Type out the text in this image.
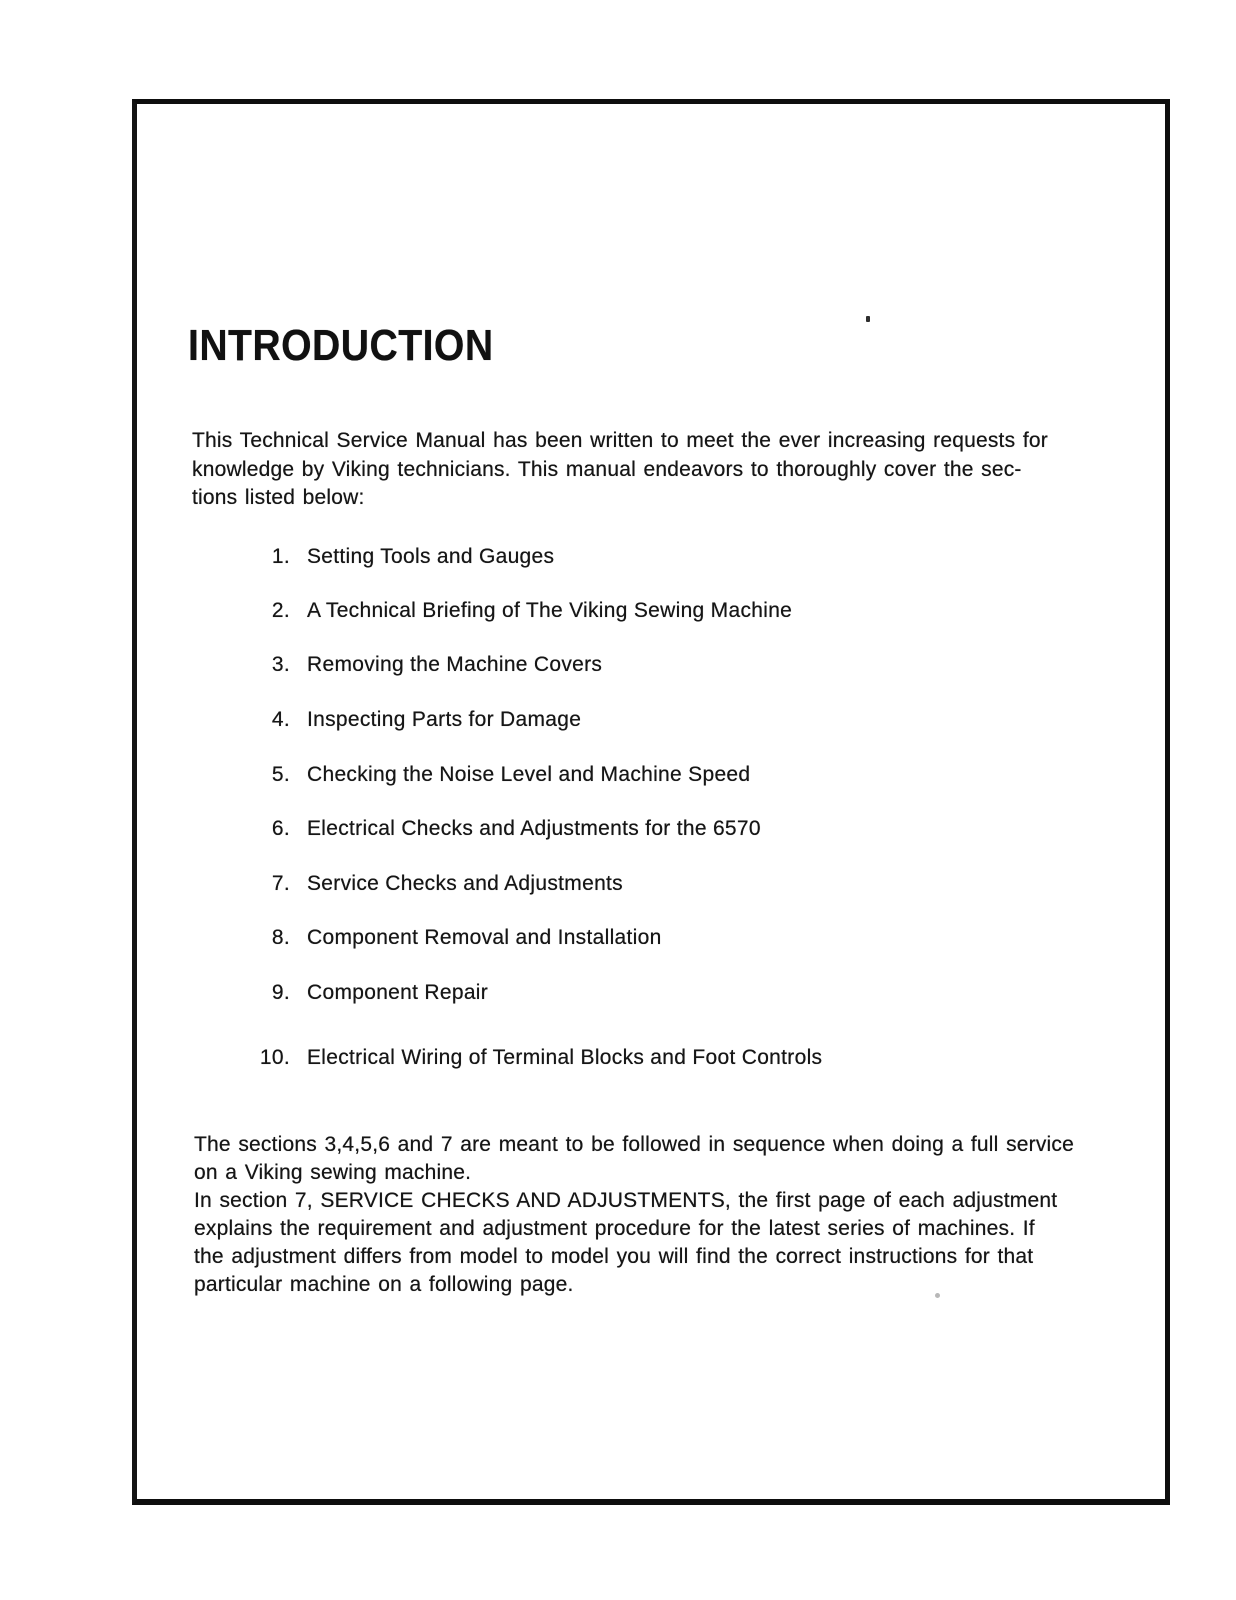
INTRODUCTION
This Technical Service Manual has been written to meet the ever increasing requests for
knowledge by Viking technicians. This manual endeavors to thoroughly cover the sec-
tions listed below:
1. Setting Tools and Gauges
2. A Technical Briefing of The Viking Sewing Machine
3. Removing the Machine Covers
4. Inspecting Parts for Damage
5. Checking the Noise Level and Machine Speed
6. Electrical Checks and Adjustments for the 6570
7. Service Checks and Adjustments
8. Component Removal and Installation
9. Component Repair
10. Electrical Wiring of Terminal Blocks and Foot Controls
The sections 3,4,5,6 and 7 are meant to be followed in sequence when doing a full service
on a Viking sewing machine.
In section 7, SERVICE CHECKS AND ADJUSTMENTS, the first page of each adjustment
explains the requirement and adjustment procedure for the latest series of machines. If
the adjustment differs from model to model you will find the correct instructions for that
particular machine on a following page.
